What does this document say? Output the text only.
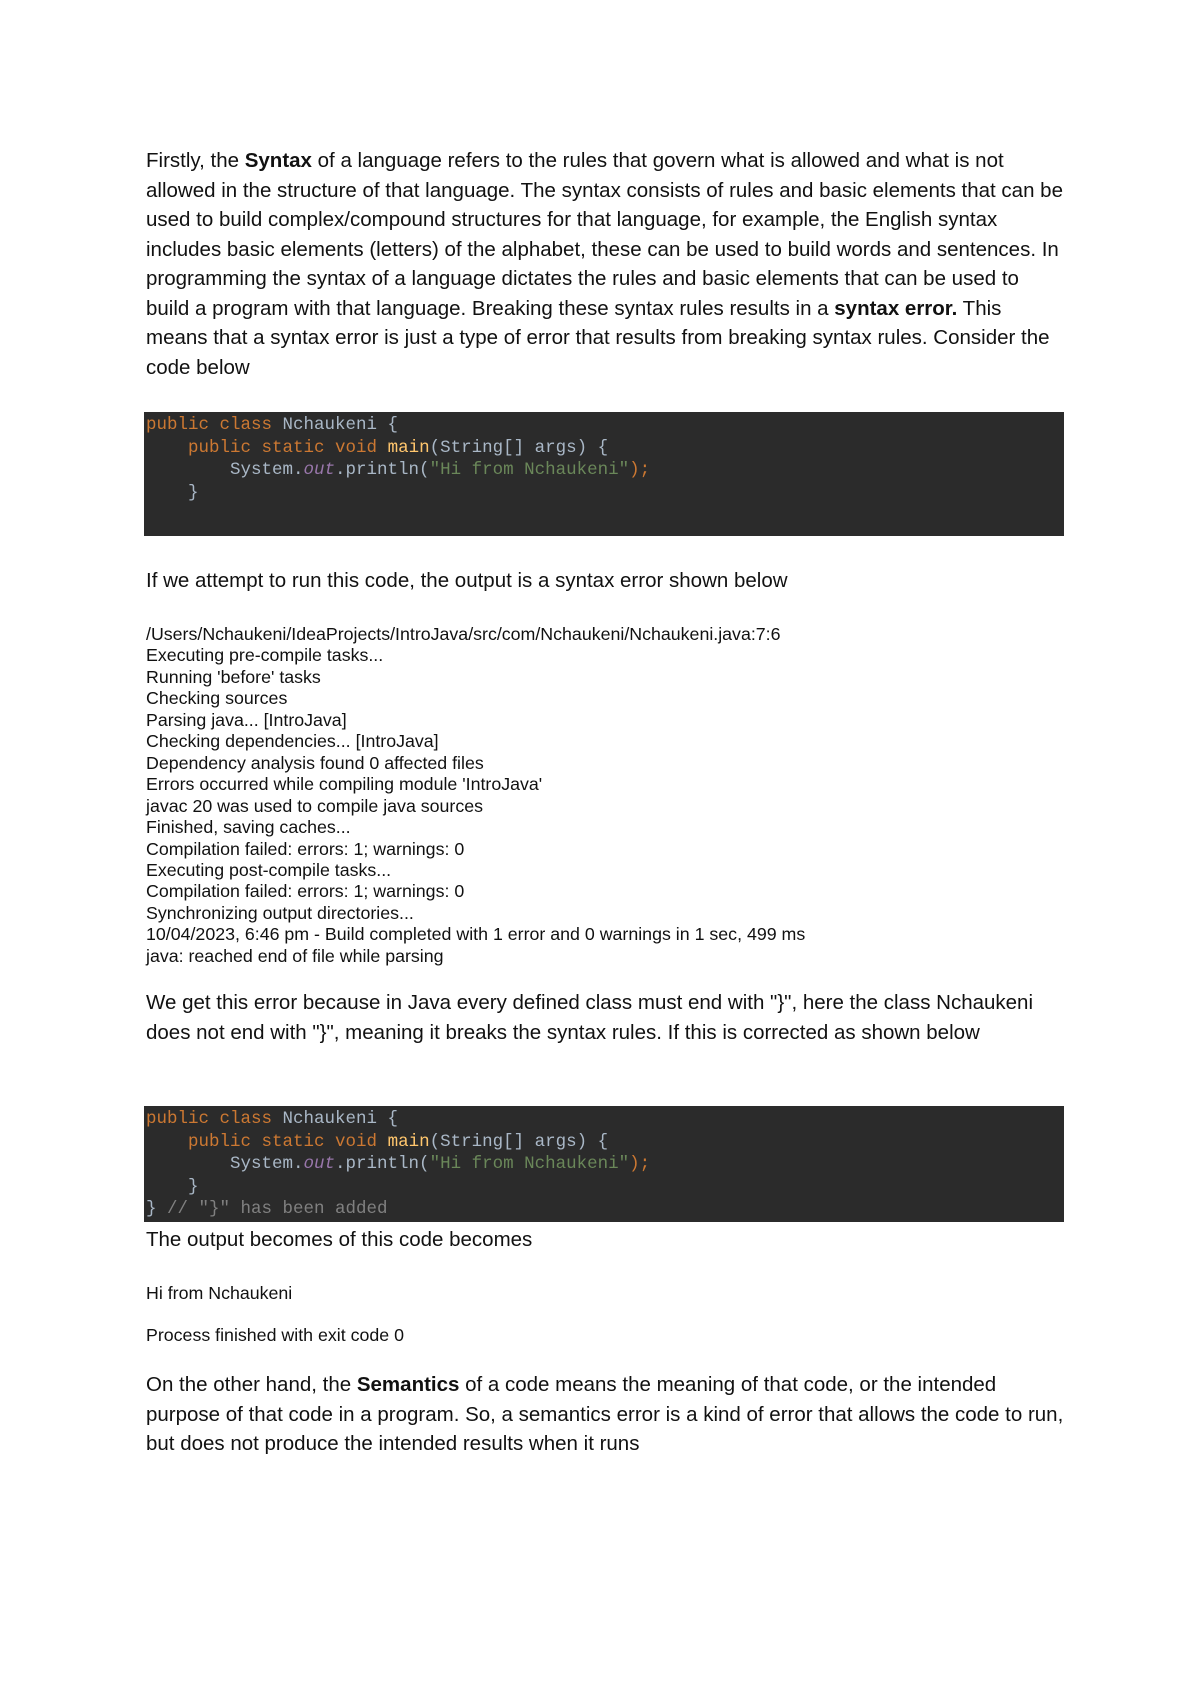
Firstly, the Syntax of a language refers to the rules that govern what is allowed and what is not allowed in the structure of that language. The syntax consists of rules and basic elements that can be used to build complex/compound structures for that language, for example, the English syntax includes basic elements (letters) of the alphabet, these can be used to build words and sentences. In programming the syntax of a language dictates the rules and basic elements that can be used to build a program with that language. Breaking these syntax rules results in a syntax error. This means that a syntax error is just a type of error that results from breaking syntax rules. Consider the code below

public class Nchaukeni {
public static void main(String[] args) {
System.out.println("Hi from Nchaukeni");
}

If we attempt to run this code, the output is a syntax error shown below

/Users/Nchaukeni/IdeaProjects/IntroJava/src/com/Nchaukeni/Nchaukeni.java:7:6
Executing pre-compile tasks...
Running 'before' tasks
Checking sources
Parsing java... [IntroJava]
Checking dependencies... [IntroJava]
Dependency analysis found 0 affected files
Errors occurred while compiling module 'IntroJava'
javac 20 was used to compile java sources
Finished, saving caches...
Compilation failed: errors: 1; warnings: 0
Executing post-compile tasks...
Compilation failed: errors: 1; warnings: 0
Synchronizing output directories...
10/04/2023, 6:46 pm - Build completed with 1 error and 0 warnings in 1 sec, 499 ms
java: reached end of file while parsing

We get this error because in Java every defined class must end with "}", here the class Nchaukeni does not end with "}", meaning it breaks the syntax rules. If this is corrected as shown below

public class Nchaukeni {
public static void main(String[] args) {
System.out.println("Hi from Nchaukeni");
}
} // "}" has been added

The output becomes of this code becomes

Hi from Nchaukeni
Process finished with exit code 0

On the other hand, the Semantics of a code means the meaning of that code, or the intended purpose of that code in a program. So, a semantics error is a kind of error that allows the code to run, but does not produce the intended results when it runs
